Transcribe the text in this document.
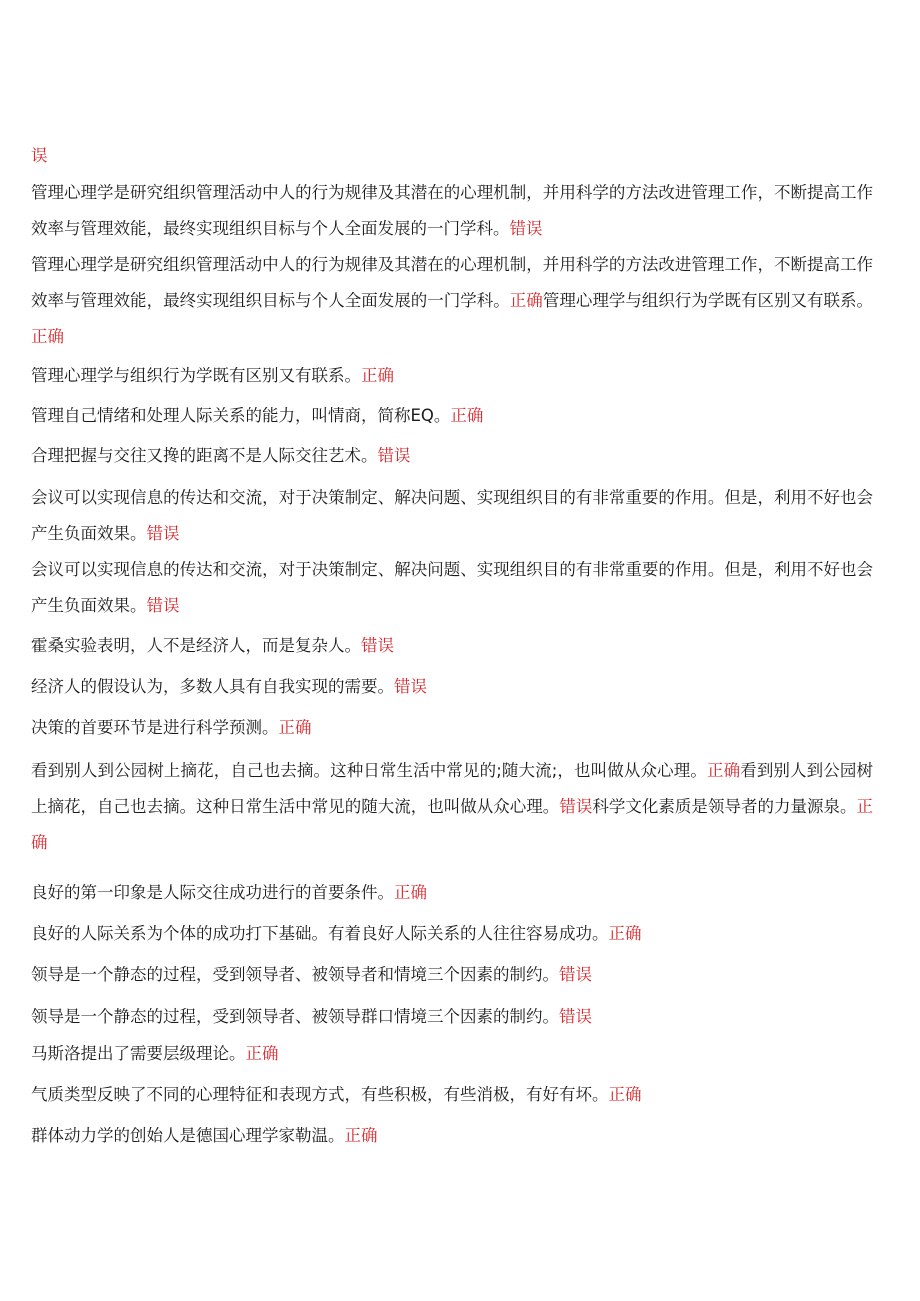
误

管理心理学是研究组织管理活动中人的行为规律及其潜在的心理机制，并用科学的方法改进管理工作，不断提高工作效率与管理效能，最终实现组织目标与个人全面发展的一门学科。错误

管理心理学是研究组织管理活动中人的行为规律及其潜在的心理机制，并用科学的方法改进管理工作，不断提高工作效率与管理效能，最终实现组织目标与个人全面发展的一门学科。正确管理心理学与组织行为学既有区别又有联系。正确

管理心理学与组织行为学既有区别又有联系。正确

管理自己情绪和处理人际关系的能力，叫情商，简称EQ。正确

合理把握与交往又搀的距离不是人际交往艺术。错误

会议可以实现信息的传达和交流，对于决策制定、解决问题、实现组织目的有非常重要的作用。但是，利用不好也会产生负面效果。错误

会议可以实现信息的传达和交流，对于决策制定、解决问题、实现组织目的有非常重要的作用。但是，利用不好也会产生负面效果。错误

霍桑实验表明，人不是经济人，而是复杂人。错误

经济人的假设认为，多数人具有自我实现的需要。错误

决策的首要环节是进行科学预测。正确

看到别人到公园树上摘花，自己也去摘。这种日常生活中常见的;随大流;，也叫做从众心理。正确看到别人到公园树上摘花，自己也去摘。这种日常生活中常见的随大流，也叫做从众心理。错误科学文化素质是领导者的力量源泉。正确

良好的第一印象是人际交往成功进行的首要条件。正确

良好的人际关系为个体的成功打下基础。有着良好人际关系的人往往容易成功。正确

领导是一个静态的过程，受到领导者、被领导者和情境三个因素的制约。错误

领导是一个静态的过程，受到领导者、被领导群口情境三个因素的制约。错误

马斯洛提出了需要层级理论。正确

气质类型反映了不同的心理特征和表现方式，有些积极，有些消极，有好有坏。正确

群体动力学的创始人是德国心理学家勒温。正确
